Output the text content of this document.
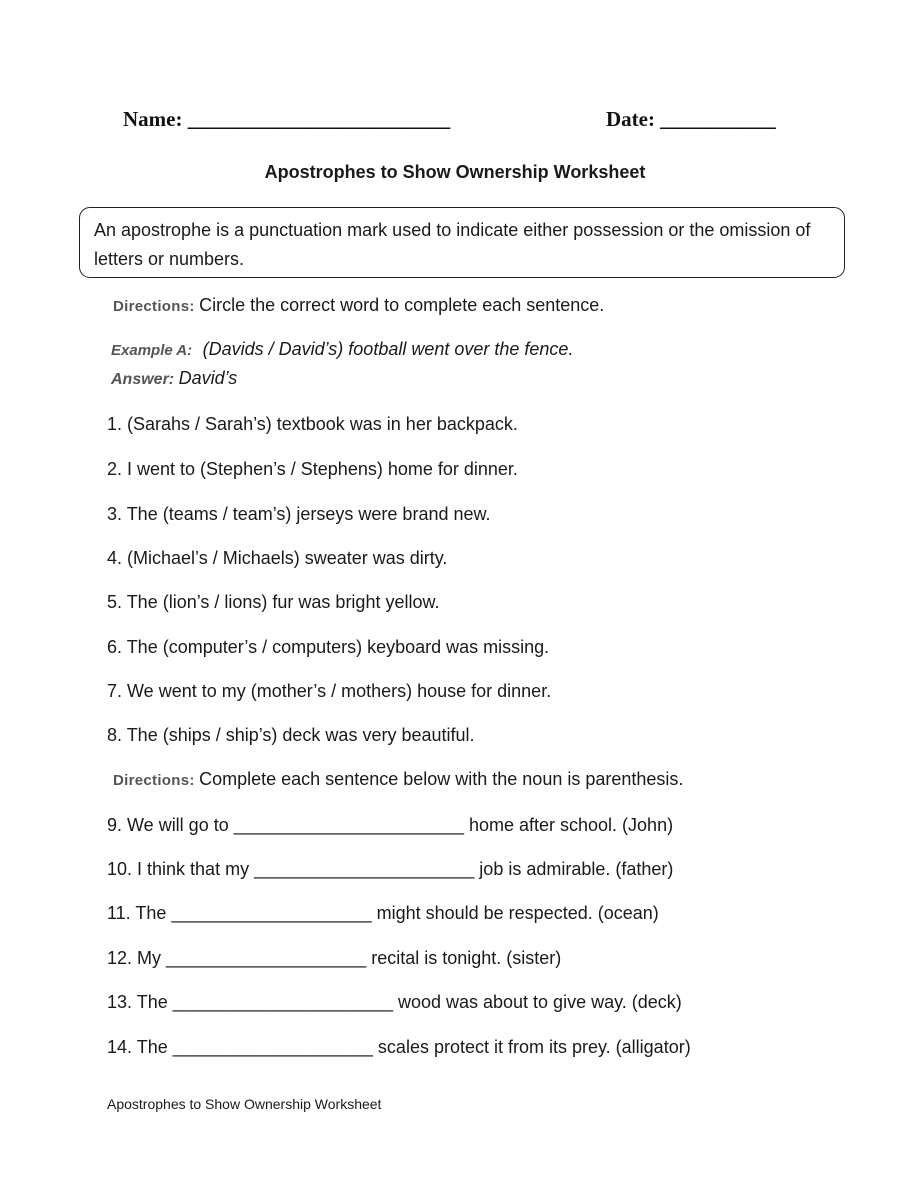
Name: _________________________	Date: ___________
Apostrophes to Show Ownership Worksheet
An apostrophe is a punctuation mark used to indicate either possession or the omission of letters or numbers.
Directions: Circle the correct word to complete each sentence.
Example A: (Davids / David’s) football went over the fence.
Answer: David’s
1. (Sarahs / Sarah’s) textbook was in her backpack.
2. I went to (Stephen’s / Stephens) home for dinner.
3. The (teams / team’s) jerseys were brand new.
4. (Michael’s / Michaels) sweater was dirty.
5. The (lion’s / lions) fur was bright yellow.
6. The (computer’s / computers) keyboard was missing.
7. We went to my (mother’s / mothers) house for dinner.
8. The (ships / ship’s) deck was very beautiful.
Directions: Complete each sentence below with the noun is parenthesis.
9. We will go to _______________________ home after school. (John)
10. I think that my ______________________ job is admirable. (father)
11. The ____________________ might should be respected. (ocean)
12. My ____________________ recital is tonight. (sister)
13. The ______________________ wood was about to give way. (deck)
14. The ____________________ scales protect it from its prey. (alligator)
Apostrophes to Show Ownership Worksheet
